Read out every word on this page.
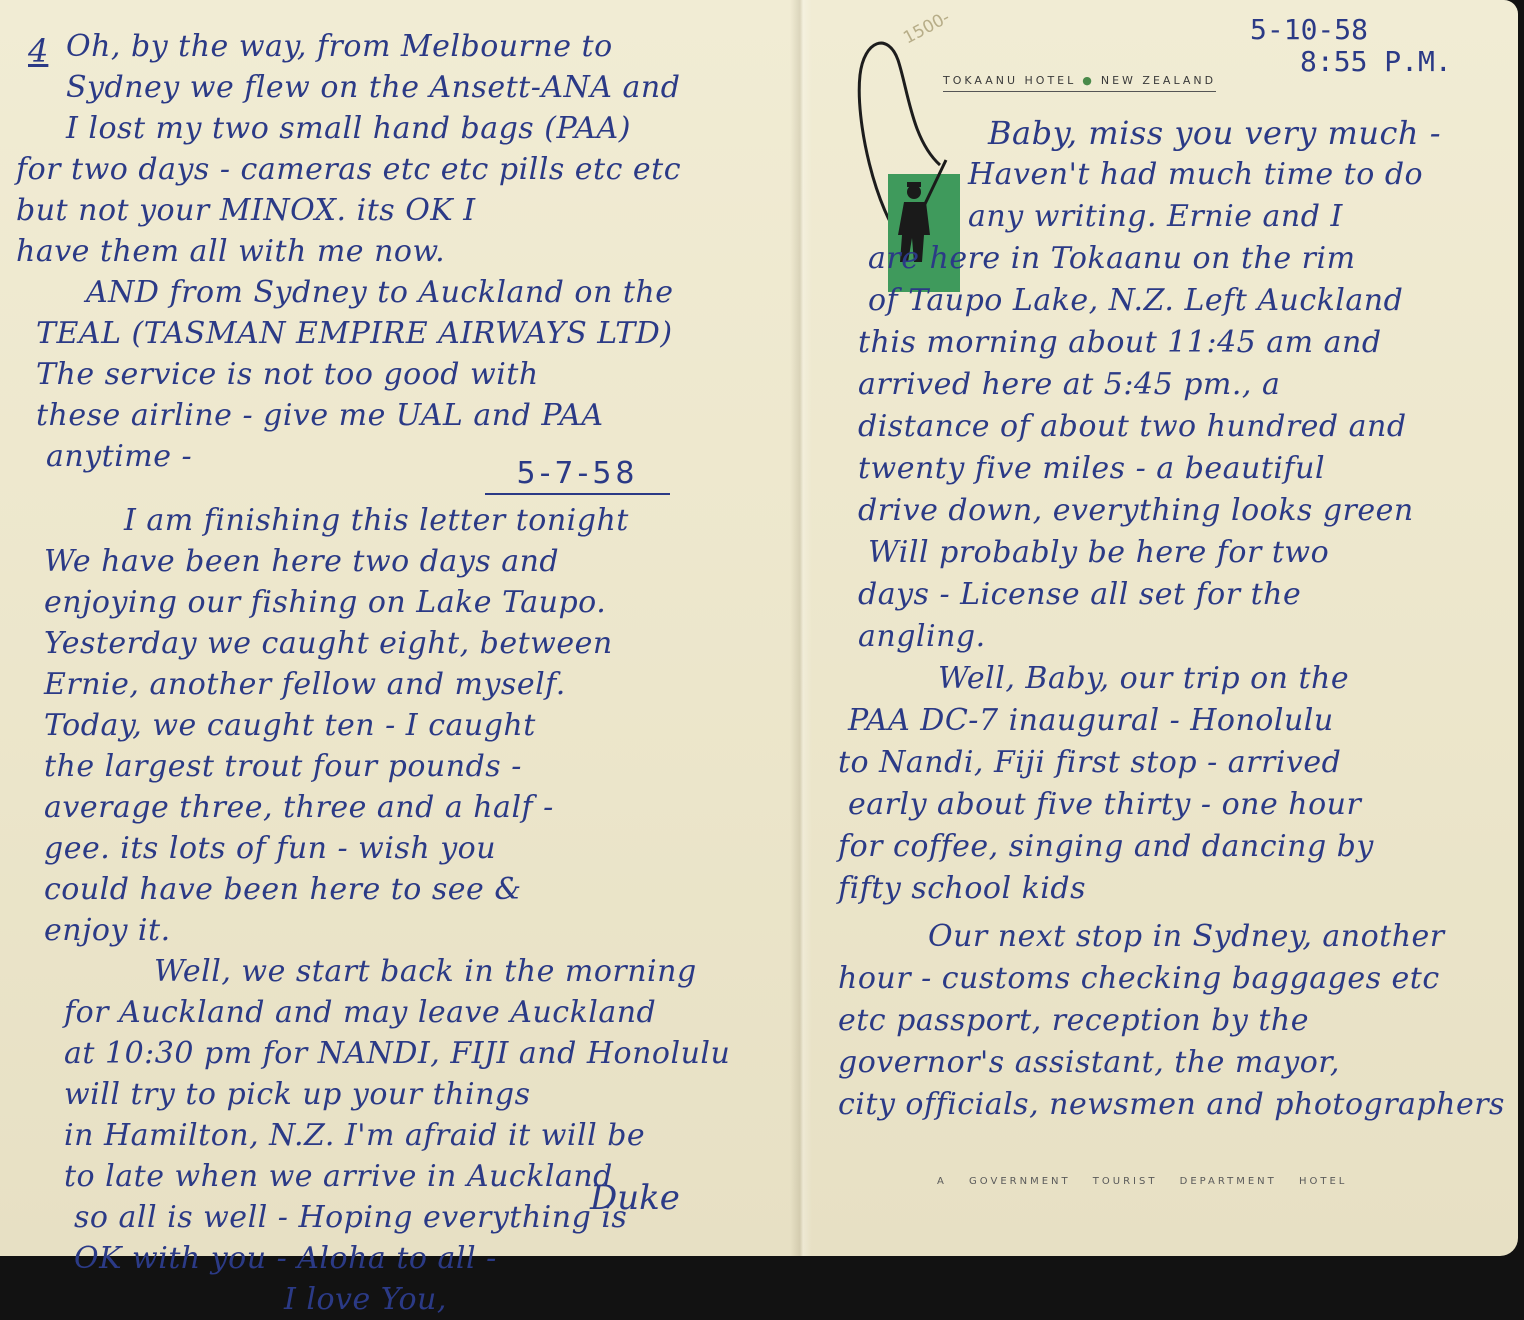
4 Oh, by the way, from Melbourne to
Sydney we flew on the Ansett-ANA and
I lost my two small hand bags (PAA)
for two days - cameras etc etc pills etc etc
but not your MINOX. its OK I
have them all with me now.
AND from Sydney to Auckland on the
TEAL (TASMAN EMPIRE AIRWAYS LTD)
The service is not too good with
these airline - give me UAL and PAA
anytime -	5-7-58
I am finishing this letter tonight
We have been here two days and
enjoying our fishing on Lake Taupo.
Yesterday we caught eight, between
Ernie, another fellow and myself.
Today, we caught ten - I caught
the largest trout four pounds -
average three, three and a half -
gee. its lots of fun - wish you
could have been here to see &
enjoy it.
Well, we start back in the morning
for Auckland and may leave Auckland
at 10:30 pm for NANDI, FIJI and Honolulu
will try to pick up your things
in Hamilton, N.Z. I'm afraid it will be
to late when we arrive in Auckland
so all is well - Hoping everything is
OK with you - Aloha to all -
I love You,
Duke
1500-	5-10-58
8:55 P.M.
TOKAANU HOTEL ● NEW ZEALAND
Baby, miss you very much -
Haven't had much time to do
any writing. Ernie and I
are here in Tokaanu on the rim
of Taupo Lake, N.Z. Left Auckland
this morning about 11:45 am and
arrived here at 5:45 pm., a
distance of about two hundred and
twenty five miles - a beautiful
drive down, everything looks green
Will probably be here for two
days - License all set for the
angling.
Well, Baby, our trip on the
PAA DC-7 inaugural - Honolulu
to Nandi, Fiji first stop - arrived
early about five thirty - one hour
for coffee, singing and dancing by
fifty school kids
Our next stop in Sydney, another
hour - customs checking baggages etc
etc passport, reception by the
governor's assistant, the mayor,
city officials, newsmen and photographers
A GOVERNMENT TOURIST DEPARTMENT HOTEL
